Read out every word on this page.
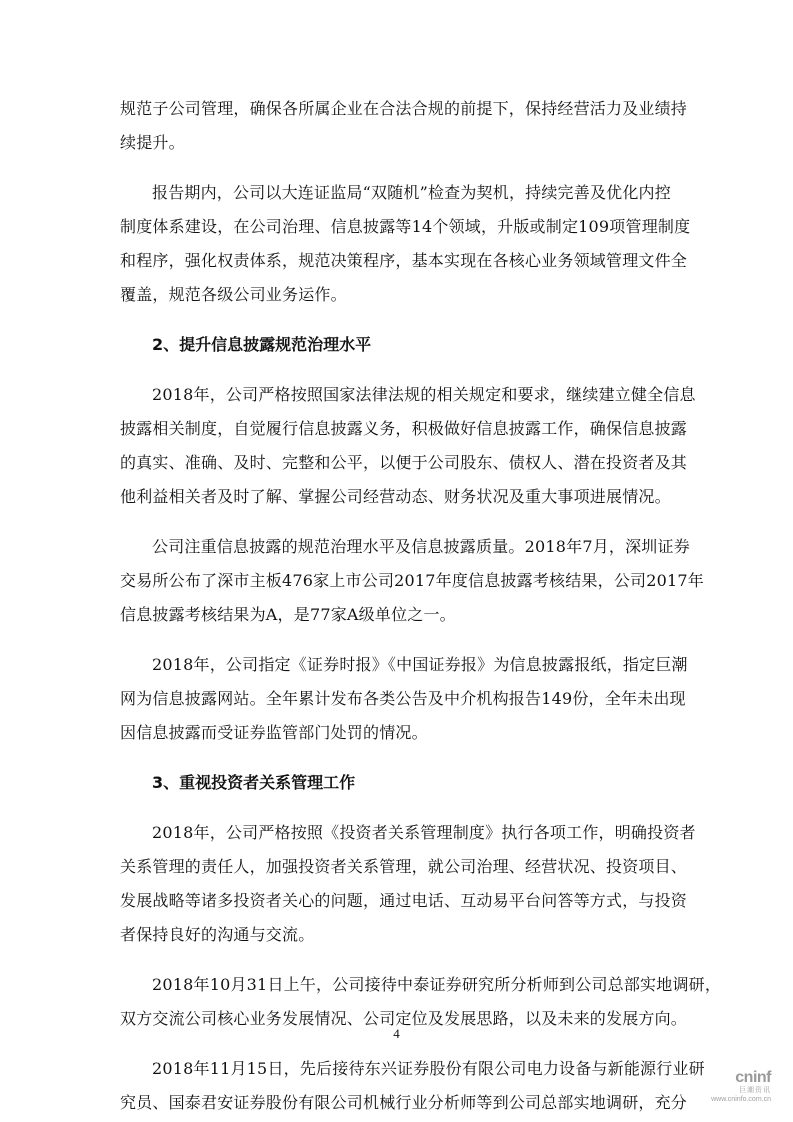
规范子公司管理，确保各所属企业在合法合规的前提下，保持经营活力及业绩持
续提升。
报告期内，公司以大连证监局“双随机”检查为契机，持续完善及优化内控
制度体系建设，在公司治理、信息披露等14个领域，升版或制定109项管理制度
和程序，强化权责体系，规范决策程序，基本实现在各核心业务领域管理文件全
覆盖，规范各级公司业务运作。
2、提升信息披露规范治理水平
2018年，公司严格按照国家法律法规的相关规定和要求，继续建立健全信息
披露相关制度，自觉履行信息披露义务，积极做好信息披露工作，确保信息披露
的真实、准确、及时、完整和公平，以便于公司股东、债权人、潜在投资者及其
他利益相关者及时了解、掌握公司经营动态、财务状况及重大事项进展情况。
公司注重信息披露的规范治理水平及信息披露质量。2018年7月，深圳证券
交易所公布了深市主板476家上市公司2017年度信息披露考核结果，公司2017年
信息披露考核结果为A，是77家A级单位之一。
2018年，公司指定《证券时报》《中国证券报》为信息披露报纸，指定巨潮
网为信息披露网站。全年累计发布各类公告及中介机构报告149份，全年未出现
因信息披露而受证券监管部门处罚的情况。
3、重视投资者关系管理工作
2018年，公司严格按照《投资者关系管理制度》执行各项工作，明确投资者
关系管理的责任人，加强投资者关系管理，就公司治理、经营状况、投资项目、
发展战略等诸多投资者关心的问题，通过电话、互动易平台问答等方式，与投资
者保持良好的沟通与交流。
2018年10月31日上午，公司接待中泰证券研究所分析师到公司总部实地调研，
双方交流公司核心业务发展情况、公司定位及发展思路，以及未来的发展方向。
2018年11月15日，先后接待东兴证券股份有限公司电力设备与新能源行业研
究员、国泰君安证券股份有限公司机械行业分析师等到公司总部实地调研，充分
4
cninf
巨潮资讯
www.cninfo.com.cn
